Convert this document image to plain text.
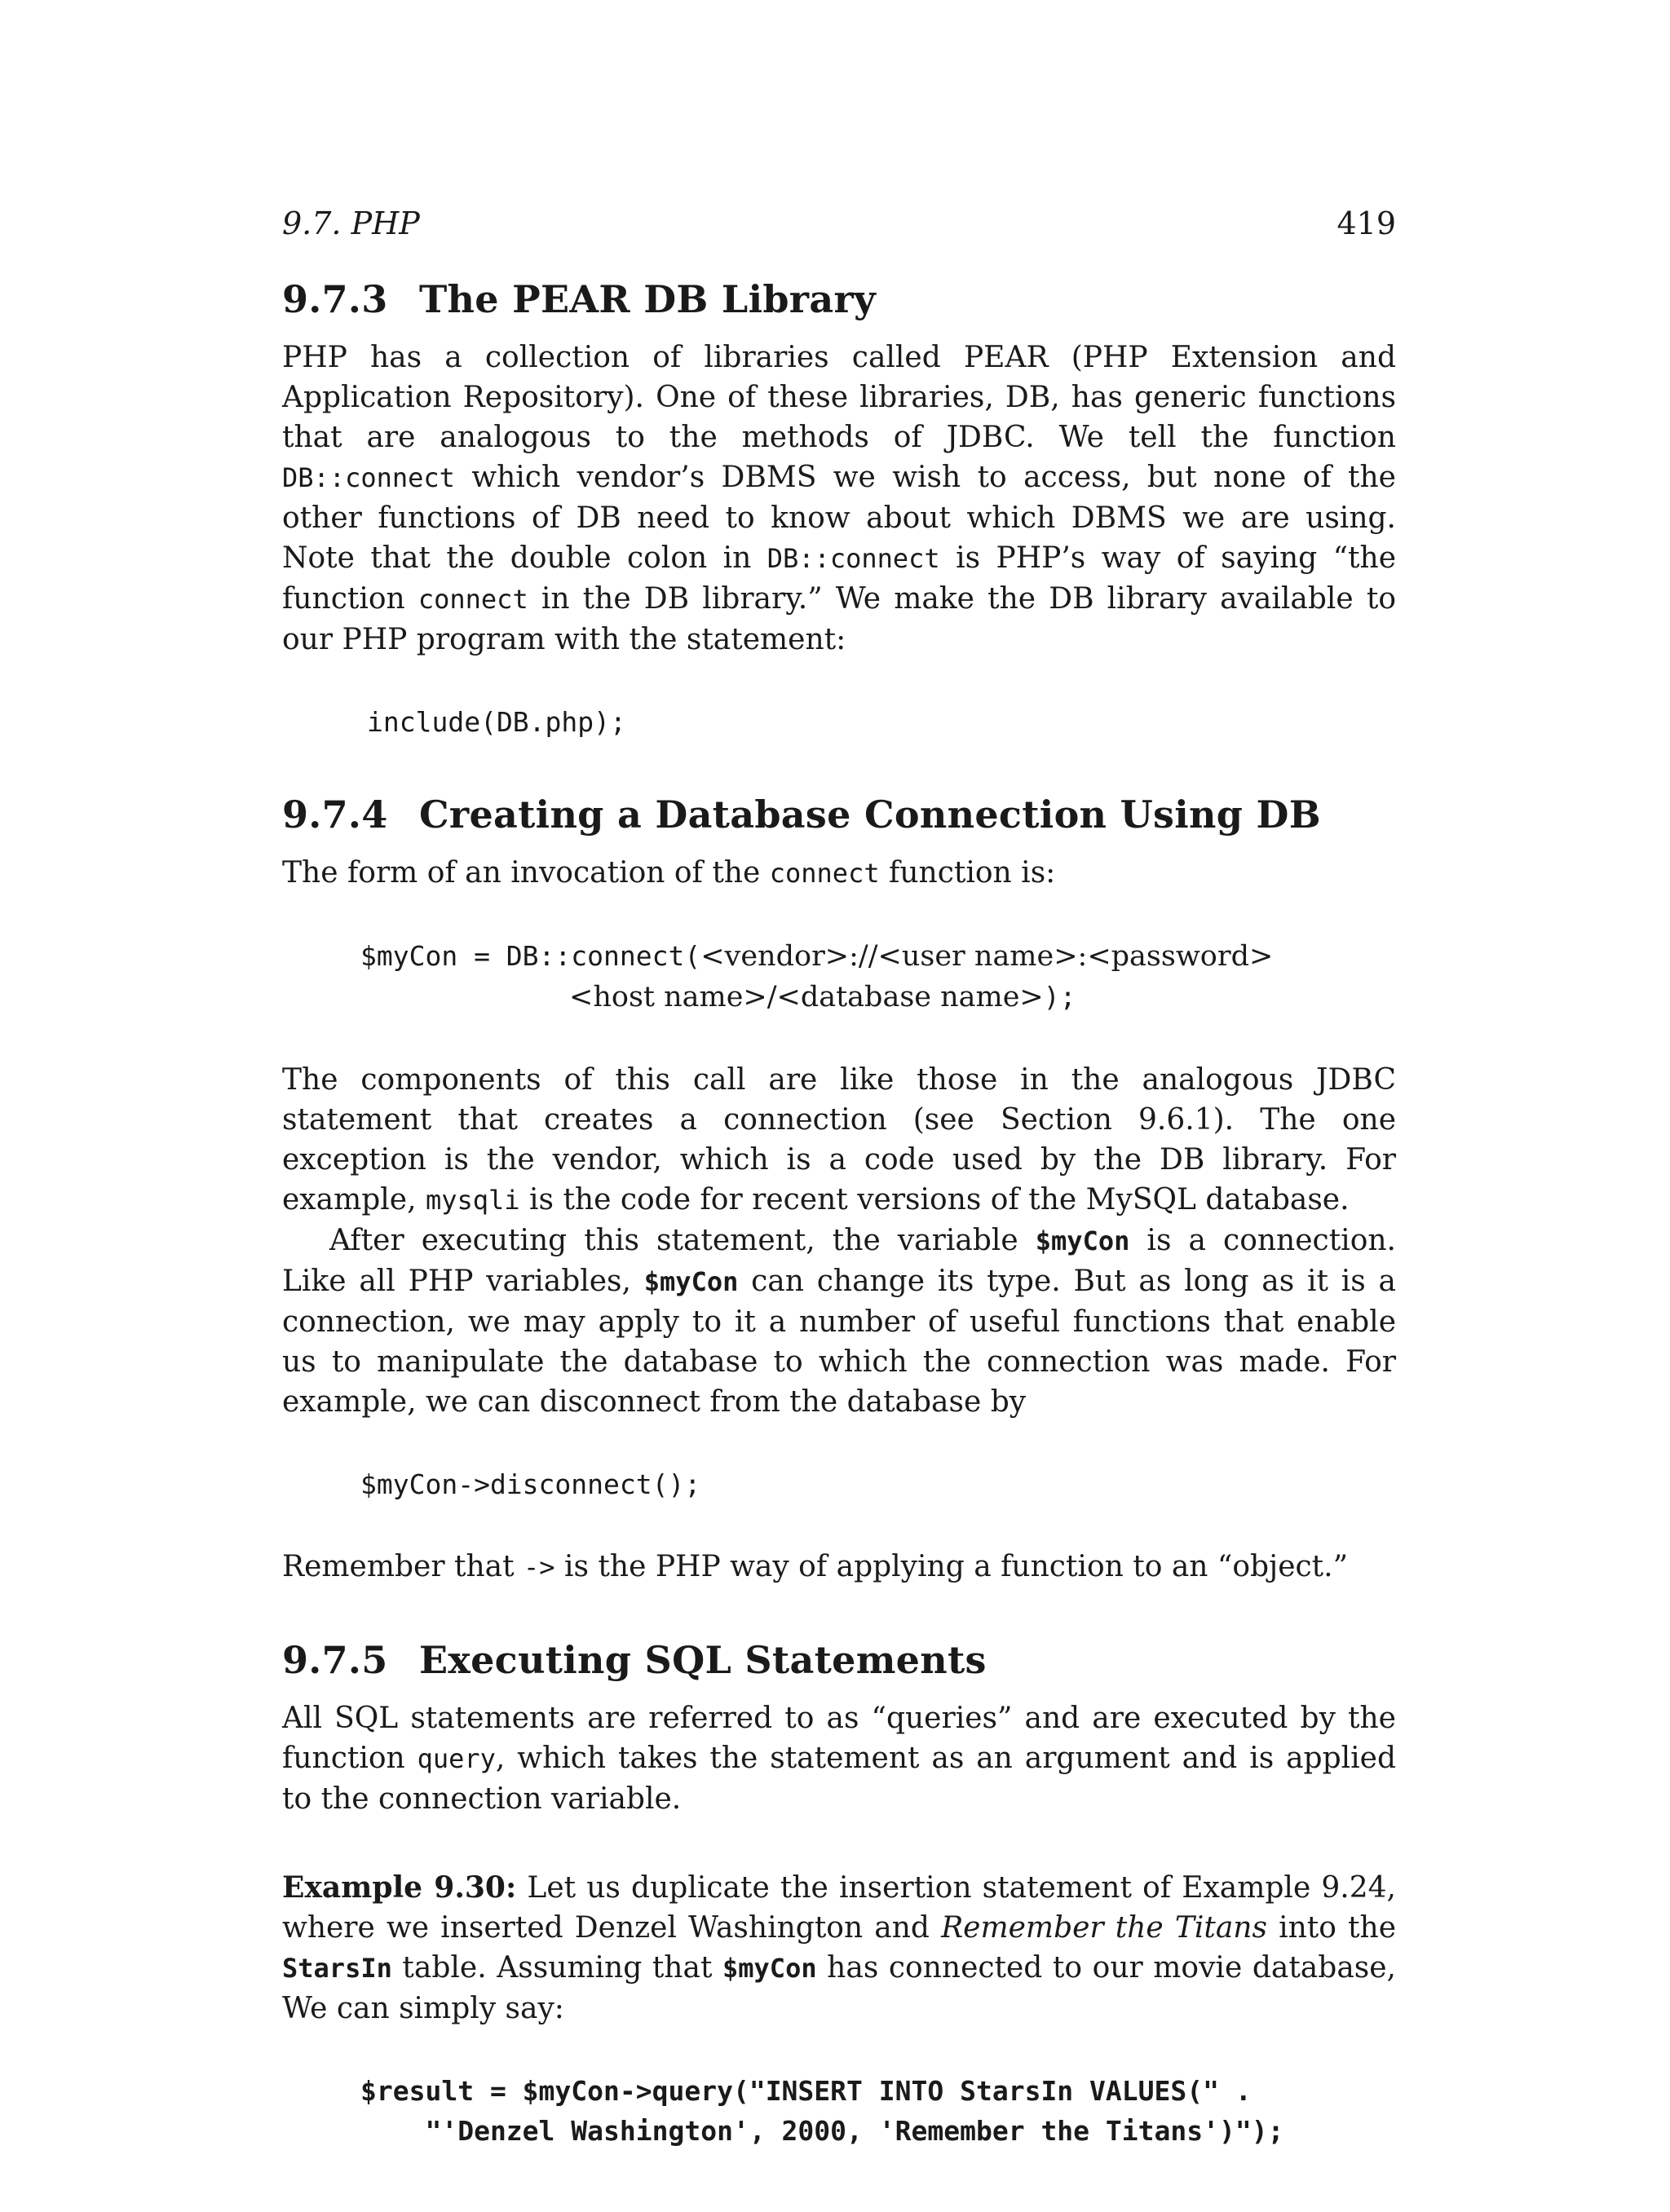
9.7. PHP	419
9.7.3 The PEAR DB Library

PHP has a collection of libraries called PEAR (PHP Extension and Application Repository). One of these libraries, DB, has generic functions that are analogous to the methods of JDBC. We tell the function DB::connect which vendor’s DBMS we wish to access, but none of the other functions of DB need to know about which DBMS we are using. Note that the double colon in DB::connect is PHP’s way of saying “the function connect in the DB library.” We make the DB library available to our PHP program with the statement:

include(DB.php);
9.7.4 Creating a Database Connection Using DB

The form of an invocation of the connect function is:

$myCon = DB::connect(<vendor>://<user name>:<password>
<host name>/<database name>);

The components of this call are like those in the analogous JDBC statement that creates a connection (see Section 9.6.1). The one exception is the vendor, which is a code used by the DB library. For example, mysqli is the code for recent versions of the MySQL database.

After executing this statement, the variable $myCon is a connection. Like all PHP variables, $myCon can change its type. But as long as it is a connection, we may apply to it a number of useful functions that enable us to manipulate the database to which the connection was made. For example, we can disconnect from the database by

$myCon->disconnect();

Remember that -> is the PHP way of applying a function to an “object.”

9.7.5 Executing SQL Statements

All SQL statements are referred to as “queries” and are executed by the function query, which takes the statement as an argument and is applied to the connection variable.

Example 9.30: Let us duplicate the insertion statement of Example 9.24, where we inserted Denzel Washington and Remember the Titans into the StarsIn table. Assuming that $myCon has connected to our movie database, We can simply say:

$result = $myCon->query("INSERT INTO StarsIn VALUES(" .
"'Denzel Washington', 2000, 'Remember the Titans')");
